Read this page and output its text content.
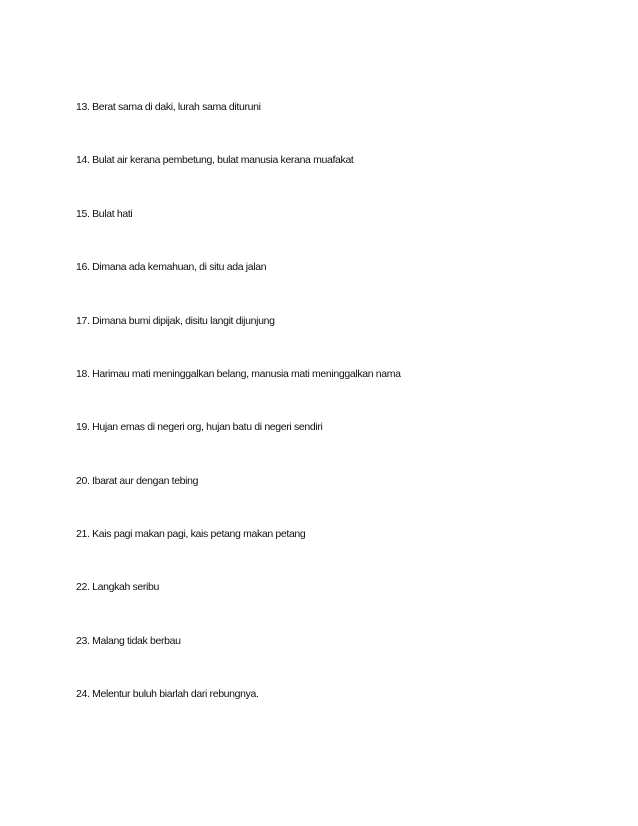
13. Berat sama di daki, lurah sama dituruni
14. Bulat air kerana pembetung, bulat manusia kerana muafakat
15. Bulat hati
16. Dimana ada kemahuan, di situ ada jalan
17. Dimana bumi dipijak, disitu langit dijunjung
18. Harimau mati meninggalkan belang, manusia mati meninggalkan nama
19. Hujan emas di negeri org, hujan batu di negeri sendiri
20. Ibarat aur dengan tebing
21. Kais pagi makan pagi, kais petang makan petang
22. Langkah seribu
23. Malang tidak berbau
24. Melentur buluh biarlah dari rebungnya.
